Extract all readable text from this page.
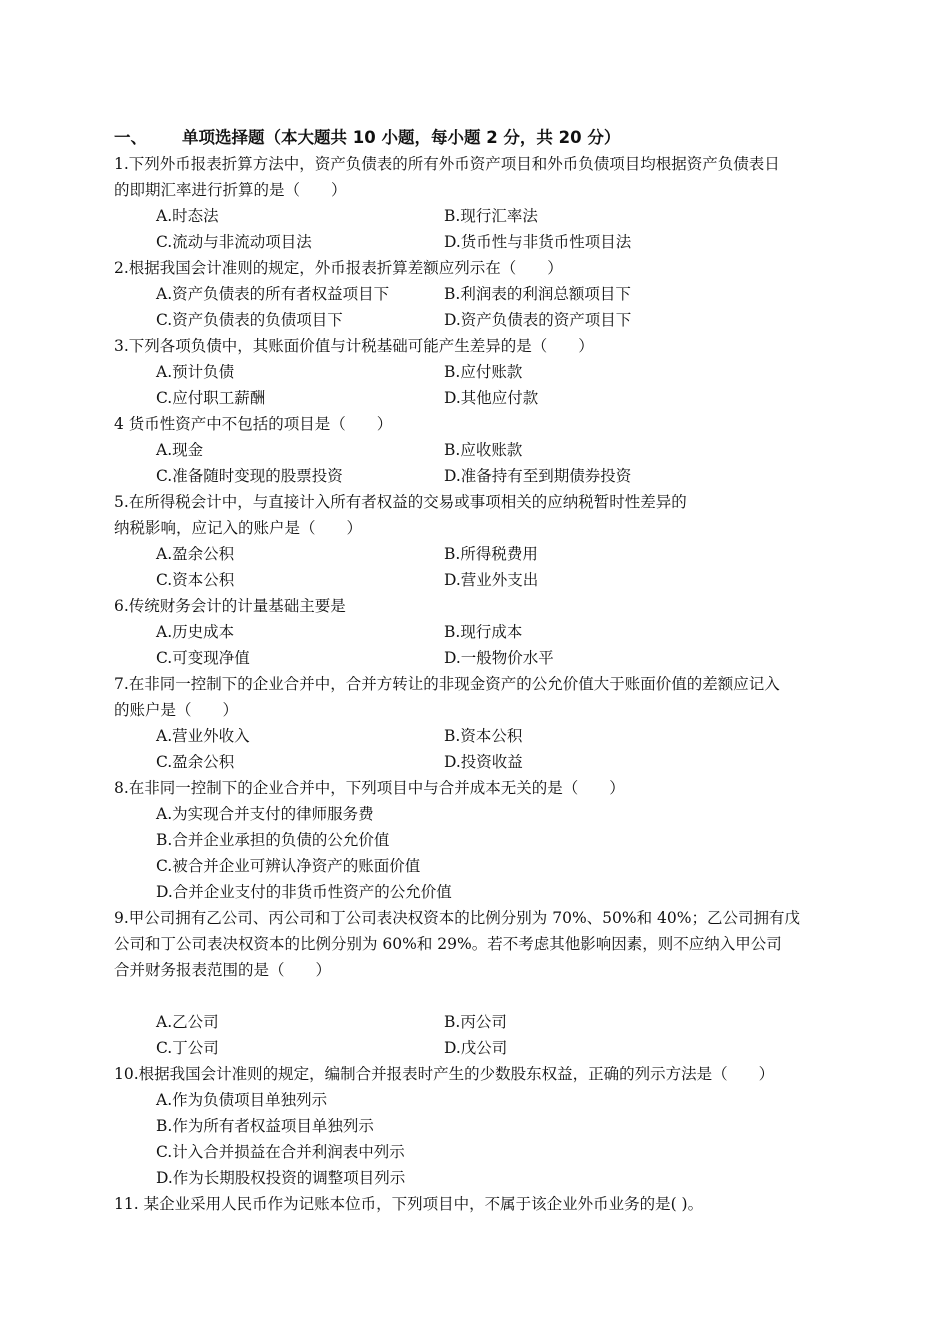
一、 单项选择题（本大题共 10 小题，每小题 2 分，共 20 分）
1.下列外币报表折算方法中，资产负债表的所有外币资产项目和外币负债项目均根据资产负债表日
的即期汇率进行折算的是（　　）
A.时态法	B.现行汇率法
C.流动与非流动项目法	D.货币性与非货币性项目法
2.根据我国会计准则的规定，外币报表折算差额应列示在（　　）
A.资产负债表的所有者权益项目下	B.利润表的利润总额项目下
C.资产负债表的负债项目下	D.资产负债表的资产项目下
3.下列各项负债中，其账面价值与计税基础可能产生差异的是（　　）
A.预计负债	B.应付账款
C.应付职工薪酬	D.其他应付款
4 货币性资产中不包括的项目是（　　）
A.现金	B.应收账款
C.准备随时变现的股票投资	D.准备持有至到期债券投资
5.在所得税会计中，与直接计入所有者权益的交易或事项相关的应纳税暂时性差异的
纳税影响，应记入的账户是（　　）
A.盈余公积	B.所得税费用
C.资本公积	D.营业外支出
6.传统财务会计的计量基础主要是
A.历史成本	B.现行成本
C.可变现净值	D.一般物价水平
7.在非同一控制下的企业合并中，合并方转让的非现金资产的公允价值大于账面价值的差额应记入
的账户是（　　）
A.营业外收入	B.资本公积
C.盈余公积	D.投资收益
8.在非同一控制下的企业合并中，下列项目中与合并成本无关的是（　　）
A.为实现合并支付的律师服务费
B.合并企业承担的负债的公允价值
C.被合并企业可辨认净资产的账面价值
D.合并企业支付的非货币性资产的公允价值
9.甲公司拥有乙公司、丙公司和丁公司表决权资本的比例分别为 70%、50%和 40%；乙公司拥有戊
公司和丁公司表决权资本的比例分别为 60%和 29%。若不考虑其他影响因素，则不应纳入甲公司
合并财务报表范围的是（　　）
A.乙公司	B.丙公司
C.丁公司	D.戊公司
10.根据我国会计准则的规定，编制合并报表时产生的少数股东权益，正确的列示方法是（　　）
A.作为负债项目单独列示
B.作为所有者权益项目单独列示
C.计入合并损益在合并利润表中列示
D.作为长期股权投资的调整项目列示
11. 某企业采用人民币作为记账本位币，下列项目中，不属于该企业外币业务的是( )。
